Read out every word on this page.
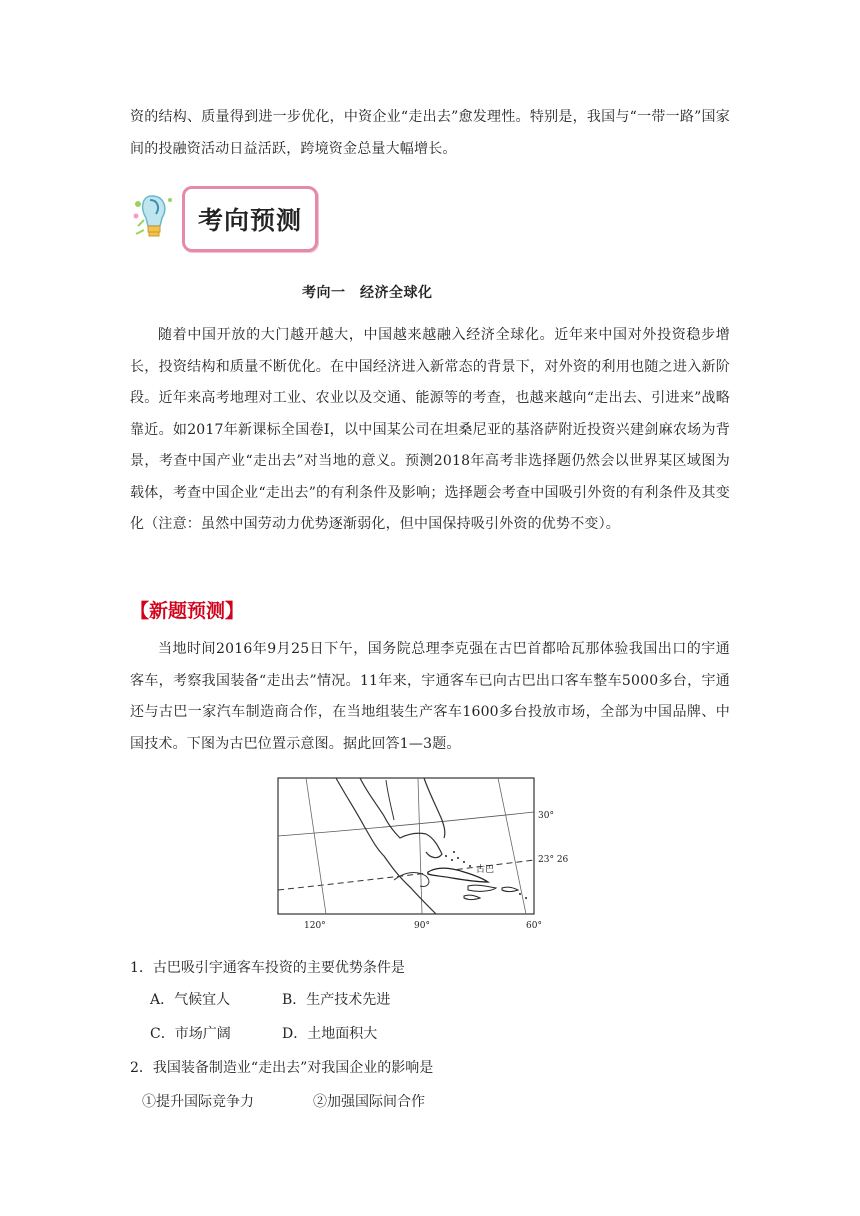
资的结构、质量得到进一步优化，中资企业“走出去”愈发理性。特别是，我国与“一带一路”国家间的投融资活动日益活跃，跨境资金总量大幅增长。

考向预测
考向一　经济全球化

随着中国开放的大门越开越大，中国越来越融入经济全球化。近年来中国对外投资稳步增长，投资结构和质量不断优化。在中国经济进入新常态的背景下，对外资的利用也随之进入新阶段。近年来高考地理对工业、农业以及交通、能源等的考查，也越来越向“走出去、引进来”战略靠近。如2017年新课标全国卷Ⅰ，以中国某公司在坦桑尼亚的基洛萨附近投资兴建剑麻农场为背景，考查中国产业“走出去”对当地的意义。预测2018年高考非选择题仍然会以世界某区域图为载体，考查中国企业“走出去”的有利条件及影响；选择题会考查中国吸引外资的有利条件及其变化（注意：虽然中国劳动力优势逐渐弱化，但中国保持吸引外资的优势不变）。

【新题预测】

当地时间2016年9月25日下午，国务院总理李克强在古巴首都哈瓦那体验我国出口的宇通客车，考察我国装备“走出去”情况。11年来，宇通客车已向古巴出口客车整车5000多台，宇通还与古巴一家汽车制造商合作，在当地组装生产客车1600多台投放市场，全部为中国品牌、中国技术。下图为古巴位置示意图。据此回答1—3题。

30°
23° 26′
古巴
120°	90°	60°
1．古巴吸引宇通客车投资的主要优势条件是
A．气候宜人	B．生产技术先进
C．市场广阔	D．土地面积大
2．我国装备制造业“走出去”对我国企业的影响是
①提升国际竞争力	②加强国际间合作
